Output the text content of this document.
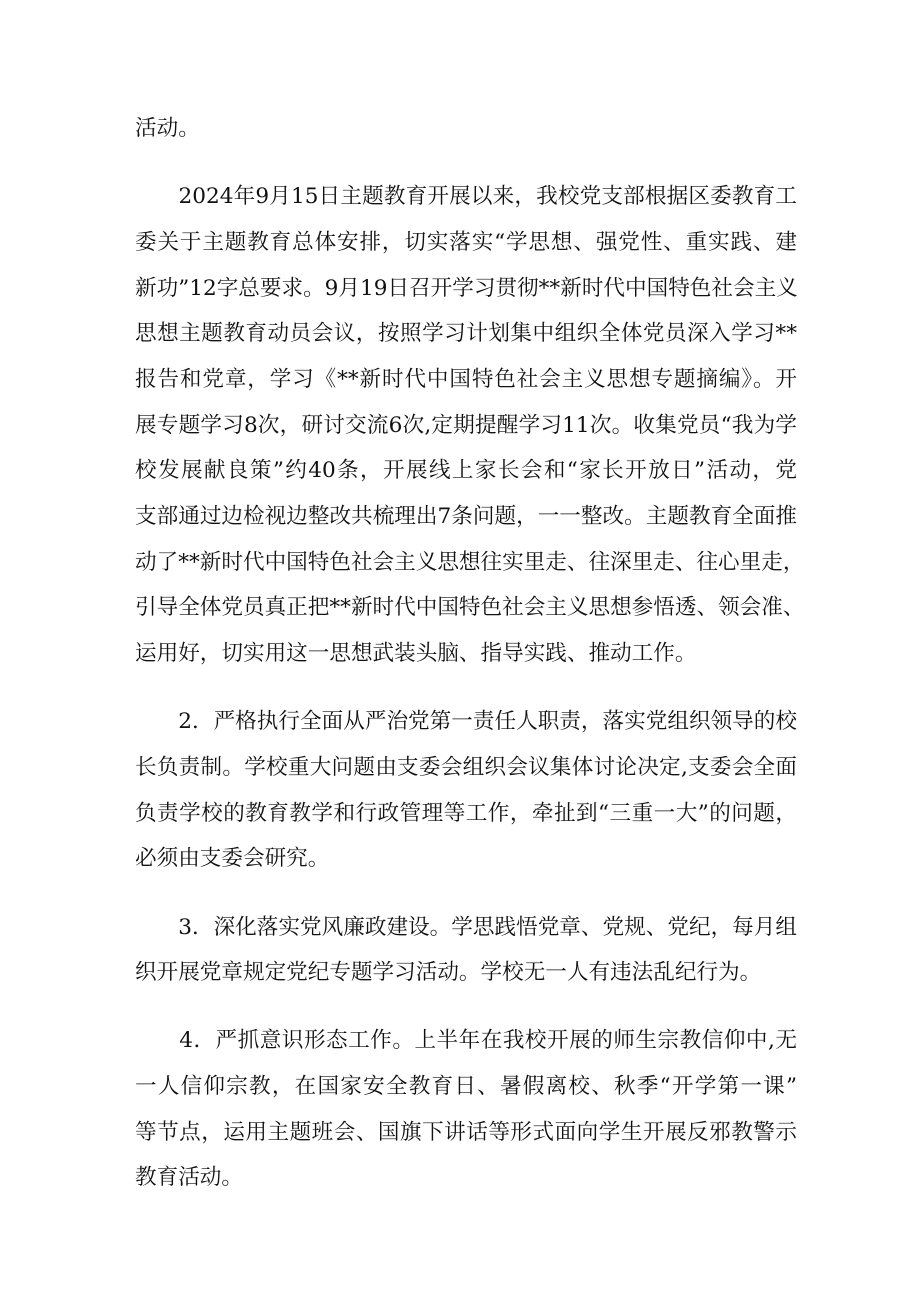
活动。
　　2024年9月15日主题教育开展以来，我校党支部根据区委教育工
委关于主题教育总体安排，切实落实“学思想、强党性、重实践、建
新功”12字总要求。9月19日召开学习贯彻**新时代中国特色社会主义
思想主题教育动员会议，按照学习计划集中组织全体党员深入学习**
报告和党章，学习《**新时代中国特色社会主义思想专题摘编》。开
展专题学习8次，研讨交流6次,定期提醒学习11次。收集党员“我为学
校发展献良策”约40条，开展线上家长会和“家长开放日”活动，党
支部通过边检视边整改共梳理出7条问题，一一整改。主题教育全面推
动了**新时代中国特色社会主义思想往实里走、往深里走、往心里走，
引导全体党员真正把**新时代中国特色社会主义思想参悟透、领会准、
运用好，切实用这一思想武装头脑、指导实践、推动工作。
　　2．严格执行全面从严治党第一责任人职责，落实党组织领导的校
长负责制。学校重大问题由支委会组织会议集体讨论决定,支委会全面
负责学校的教育教学和行政管理等工作，牵扯到“三重一大”的问题，
必须由支委会研究。
　　3．深化落实党风廉政建设。学思践悟党章、党规、党纪，每月组
织开展党章规定党纪专题学习活动。学校无一人有违法乱纪行为。
　　4．严抓意识形态工作。上半年在我校开展的师生宗教信仰中,无
一人信仰宗教，在国家安全教育日、暑假离校、秋季“开学第一课”
等节点，运用主题班会、国旗下讲话等形式面向学生开展反邪教警示
教育活动。
